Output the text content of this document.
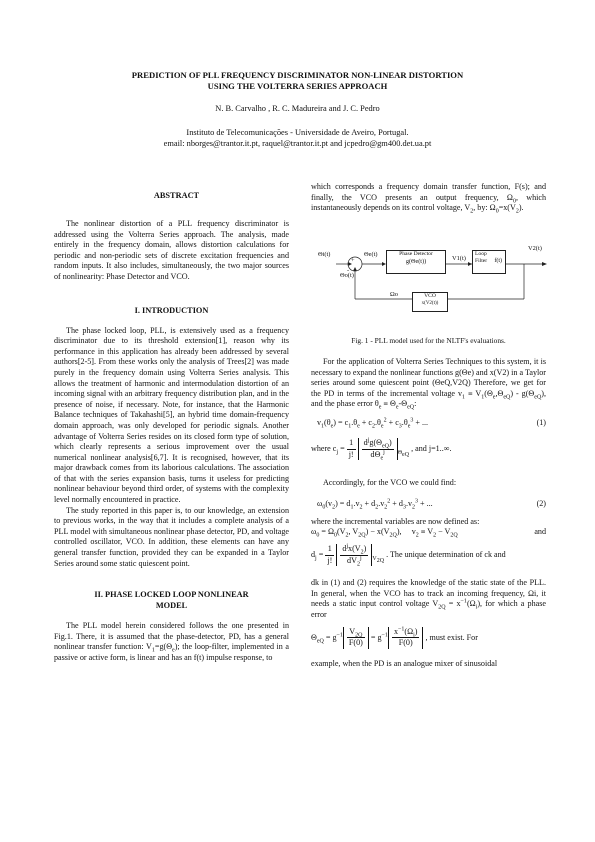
PREDICTION OF PLL FREQUENCY DISCRIMINATOR NON-LINEAR DISTORTION
USING THE VOLTERRA SERIES APPROACH
N. B. Carvalho , R. C. Madureira and J. C. Pedro
Instituto de Telecomunicações - Universidade de Aveiro, Portugal.
email: nborges@trantor.it.pt, raquel@trantor.it.pt and jcpedro@gm400.det.ua.pt
ABSTRACT

The nonlinear distortion of a PLL frequency discriminator is addressed using the Volterra Series approach. The analysis, made entirely in the frequency domain, allows distortion calculations for periodic and non-periodic sets of discrete excitation frequencies and random inputs. It also includes, simultaneously, the two major sources of nonlinearity: Phase Detector and VCO.

I. INTRODUCTION

The phase locked loop, PLL, is extensively used as a frequency discriminator due to its threshold extension[1], reason why its performance in this application has already been addressed by several authors[2-5]. From these works only the analysis of Trees[2] was made purely in the frequency domain using Volterra Series analysis. This allows the treatment of harmonic and intermodulation distortion of an incoming signal with an arbitrary frequency distribution plan, and in the presence of noise, if necessary. Note, for instance, that the Harmonic Balance techniques of Takahashi[5], an hybrid time domain-frequency domain approach, was only developed for periodic signals. Another advantage of Volterra Series resides on its closed form type of solution, which clearly represents a serious improvement over the usual numerical nonlinear analysis[6,7]. It is recognised, however, that its major drawback comes from its laborious calculations. The association of that with the series expansion basis, turns it useless for predicting nonlinear behaviour beyond third order, of systems with the complexity level normally encountered in practice.

The study reported in this paper is, to our knowledge, an extension to previous works, in the way that it includes a complete analysis of a PLL model with simultaneous nonlinear phase detector, PD, and voltage controlled oscillator, VCO. In addition, these elements can have any general transfer function, provided they can be expanded in a Taylor Series around some static quiescent point.

II. PHASE LOCKED LOOP NONLINEAR
MODEL

The PLL model herein considered follows the one presented in Fig.1. There, it is assumed that the phase-detector, PD, has a general nonlinear transfer function: $V_1=g(\Theta_e)$; the loop-filter, implemented in a passive or active form, is linear and has an f(t) impulse response, to

which corresponds a frequency domain transfer function, F(s); and finally, the VCO presents an output frequency, $\Omega_0$, which instantaneously depends on its control voltage, $V_2$, by: $\Omega_0=x(V_2)$.

+
-
Phase Detector
g(Θe(t))
Loop
Filter	f(t)
VCO
x(V2(t))
Θi(t)	Θe(t)
Θo(t)
V1(t)
V2(t)
Ωo
Fig. 1 - PLL model used for the NLTF's evaluations.

For the application of Volterra Series Techniques to this system, it is necessary to expand the nonlinear functions g(Θe) and x(V2) in a Taylor series around some quiescent point (ΘeQ,V2Q) Therefore, we get for the PD in terms of the incremental voltage $v_1 \equiv V_1(\Theta_e,\Theta_{eQ}) - g(\Theta_{eQ})$, and the phase error $\theta_e \equiv \Theta_e-\Theta_{eQ}$:

$v_1(\theta_e) = c_1.\theta_e + c_2.\theta_e^2 + c_3.\theta_e^3$ + ...	(1)
where $c_j = \frac{1}{j!}$
$\frac{d^jg(\Theta_{eQ})}{d\Theta_e^j} _{\Theta_{eQ}}$ , and j=1..∞.

Accordingly, for the VCO we could find:

$\omega_0(v_2) = d_1.v_2 + d_2.v_2^2 + d_3.v_2^3$ + ...	(2)

where the incremental variables are now defined as:

$\omega_0 = \Omega_0(V_2$, $V_{2Q}) - x(V_{2Q})$,     $v_2 \equiv V_2 - V_{2Q}$	and
$d_j = \frac{1}{j!}$
$\frac{d^jx(V_2)}{dV_2^j} _{V_{2Q}}$ . The unique determination of ck and

dk in (1) and (2) requires the knowledge of the static state of the PLL. In general, when the VCO has to track an incoming frequency, Ωi, it needs a static input control voltage $V_{2Q} = x^{-1}(\Omega_i)$, for which a phase error

$\Theta_{eQ} = g^{-1} \frac{V_{2Q}}{F(0)} = g^{-1} \frac{x^{-1}(\Omega_i)}{F(0)}$ , must exist. For

example, when the PD is an analogue mixer of sinusoidal
